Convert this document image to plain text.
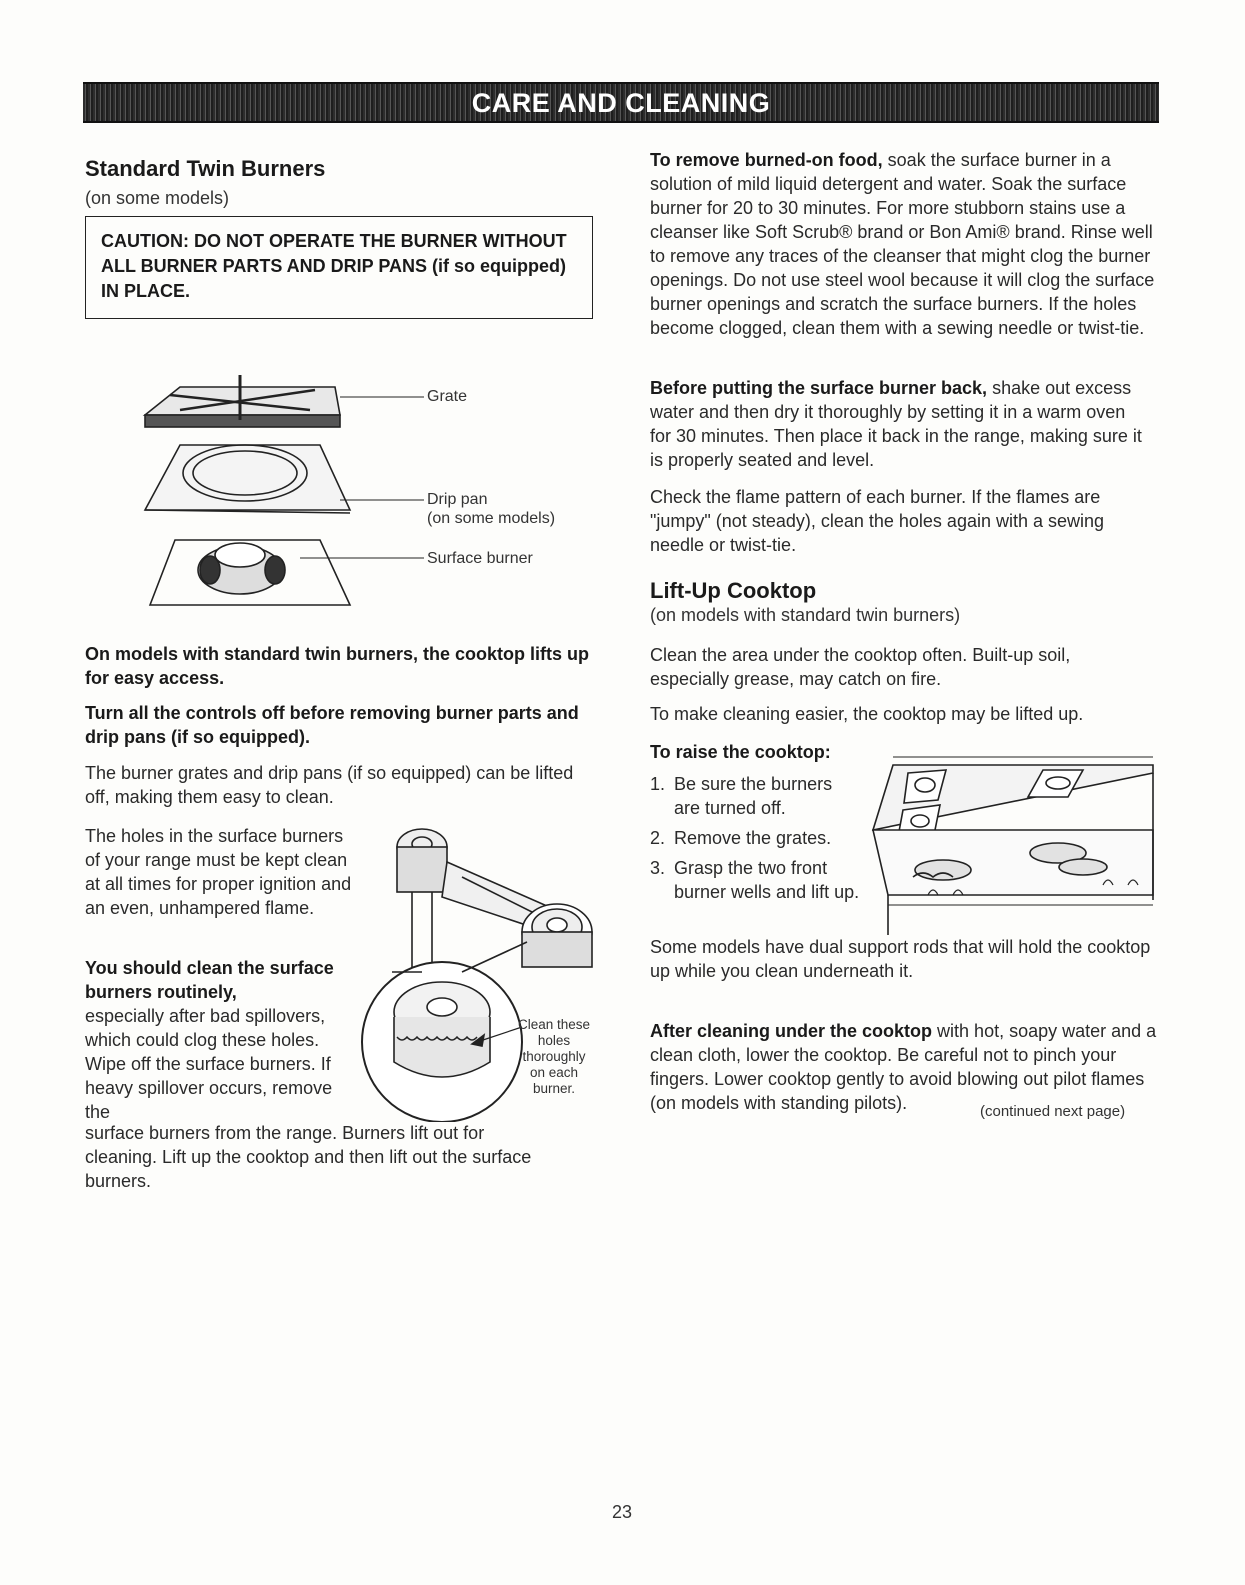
CARE AND CLEANING
Standard Twin Burners
(on some models)
CAUTION: DO NOT OPERATE THE BURNER WITHOUT ALL BURNER PARTS AND DRIP PANS (if so equipped) IN PLACE.
Grate
Drip pan
(on some models)
Surface burner
On models with standard twin burners, the cooktop lifts up for easy access.
Turn all the controls off before removing burner parts and drip pans (if so equipped).
The burner grates and drip pans (if so equipped) can be lifted off, making them easy to clean.
The holes in the surface burners of your range must be kept clean at all times for proper ignition and an even, unhampered flame.
You should clean the surface burners routinely,
especially after bad spillovers, which could clog these holes. Wipe off the surface burners. If heavy spillover occurs, remove the
surface burners from the range. Burners lift out for cleaning. Lift up the cooktop and then lift out the surface burners.
Clean these
holes
thoroughly
on each
burner.
To remove burned-on food, soak the surface burner in a solution of mild liquid detergent and water. Soak the surface burner for 20 to 30 minutes. For more stubborn stains use a cleanser like Soft Scrub® brand or Bon Ami® brand. Rinse well to remove any traces of the cleanser that might clog the burner openings. Do not use steel wool because it will clog the surface burner openings and scratch the surface burners. If the holes become clogged, clean them with a sewing needle or twist-tie.
Before putting the surface burner back, shake out excess water and then dry it thoroughly by setting it in a warm oven for 30 minutes. Then place it back in the range, making sure it is properly seated and level.
Check the flame pattern of each burner. If the flames are "jumpy" (not steady), clean the holes again with a sewing needle or twist-tie.
Lift-Up Cooktop
(on models with standard twin burners)
Clean the area under the cooktop often. Built-up soil, especially grease, may catch on fire.
To make cleaning easier, the cooktop may be lifted up.
To raise the cooktop:
1. Be sure the burners are turned off.
2. Remove the grates.
3. Grasp the two front burner wells and lift up.
Some models have dual support rods that will hold the cooktop up while you clean underneath it.
After cleaning under the cooktop with hot, soapy water and a clean cloth, lower the cooktop. Be careful not to pinch your fingers. Lower cooktop gently to avoid blowing out pilot flames (on models with standing pilots).	(continued next page)
23
